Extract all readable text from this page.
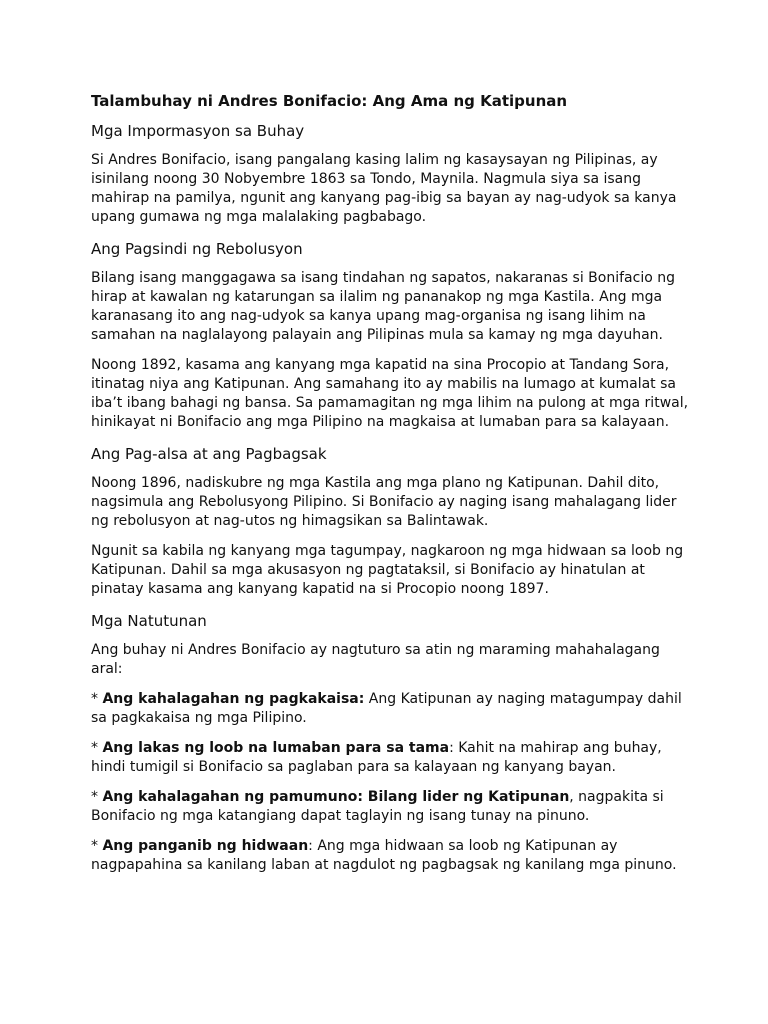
Talambuhay ni Andres Bonifacio: Ang Ama ng Katipunan
Mga Impormasyon sa Buhay

Si Andres Bonifacio, isang pangalang kasing lalim ng kasaysayan ng Pilipinas, ay isinilang noong 30 Nobyembre 1863 sa Tondo, Maynila. Nagmula siya sa isang mahirap na pamilya, ngunit ang kanyang pag-ibig sa bayan ay nag-udyok sa kanya upang gumawa ng mga malalaking pagbabago.

Ang Pagsindi ng Rebolusyon

Bilang isang manggagawa sa isang tindahan ng sapatos, nakaranas si Bonifacio ng hirap at kawalan ng katarungan sa ilalim ng pananakop ng mga Kastila. Ang mga karanasang ito ang nag-udyok sa kanya upang mag-organisa ng isang lihim na samahan na naglalayong palayain ang Pilipinas mula sa kamay ng mga dayuhan.

Noong 1892, kasama ang kanyang mga kapatid na sina Procopio at Tandang Sora, itinatag niya ang Katipunan. Ang samahang ito ay mabilis na lumago at kumalat sa iba’t ibang bahagi ng bansa. Sa pamamagitan ng mga lihim na pulong at mga ritwal, hinikayat ni Bonifacio ang mga Pilipino na magkaisa at lumaban para sa kalayaan.

Ang Pag-alsa at ang Pagbagsak

Noong 1896, nadiskubre ng mga Kastila ang mga plano ng Katipunan. Dahil dito, nagsimula ang Rebolusyong Pilipino. Si Bonifacio ay naging isang mahalagang lider ng rebolusyon at nag-utos ng himagsikan sa Balintawak.

Ngunit sa kabila ng kanyang mga tagumpay, nagkaroon ng mga hidwaan sa loob ng Katipunan. Dahil sa mga akusasyon ng pagtataksil, si Bonifacio ay hinatulan at pinatay kasama ang kanyang kapatid na si Procopio noong 1897.

Mga Natutunan

Ang buhay ni Andres Bonifacio ay nagtuturo sa atin ng maraming mahahalagang aral:

* Ang kahalagahan ng pagkakaisa: Ang Katipunan ay naging matagumpay dahil sa pagkakaisa ng mga Pilipino.

* Ang lakas ng loob na lumaban para sa tama: Kahit na mahirap ang buhay, hindi tumigil si Bonifacio sa paglaban para sa kalayaan ng kanyang bayan.

* Ang kahalagahan ng pamumuno: Bilang lider ng Katipunan, nagpakita si Bonifacio ng mga katangiang dapat taglayin ng isang tunay na pinuno.

* Ang panganib ng hidwaan: Ang mga hidwaan sa loob ng Katipunan ay nagpapahina sa kanilang laban at nagdulot ng pagbagsak ng kanilang mga pinuno.
